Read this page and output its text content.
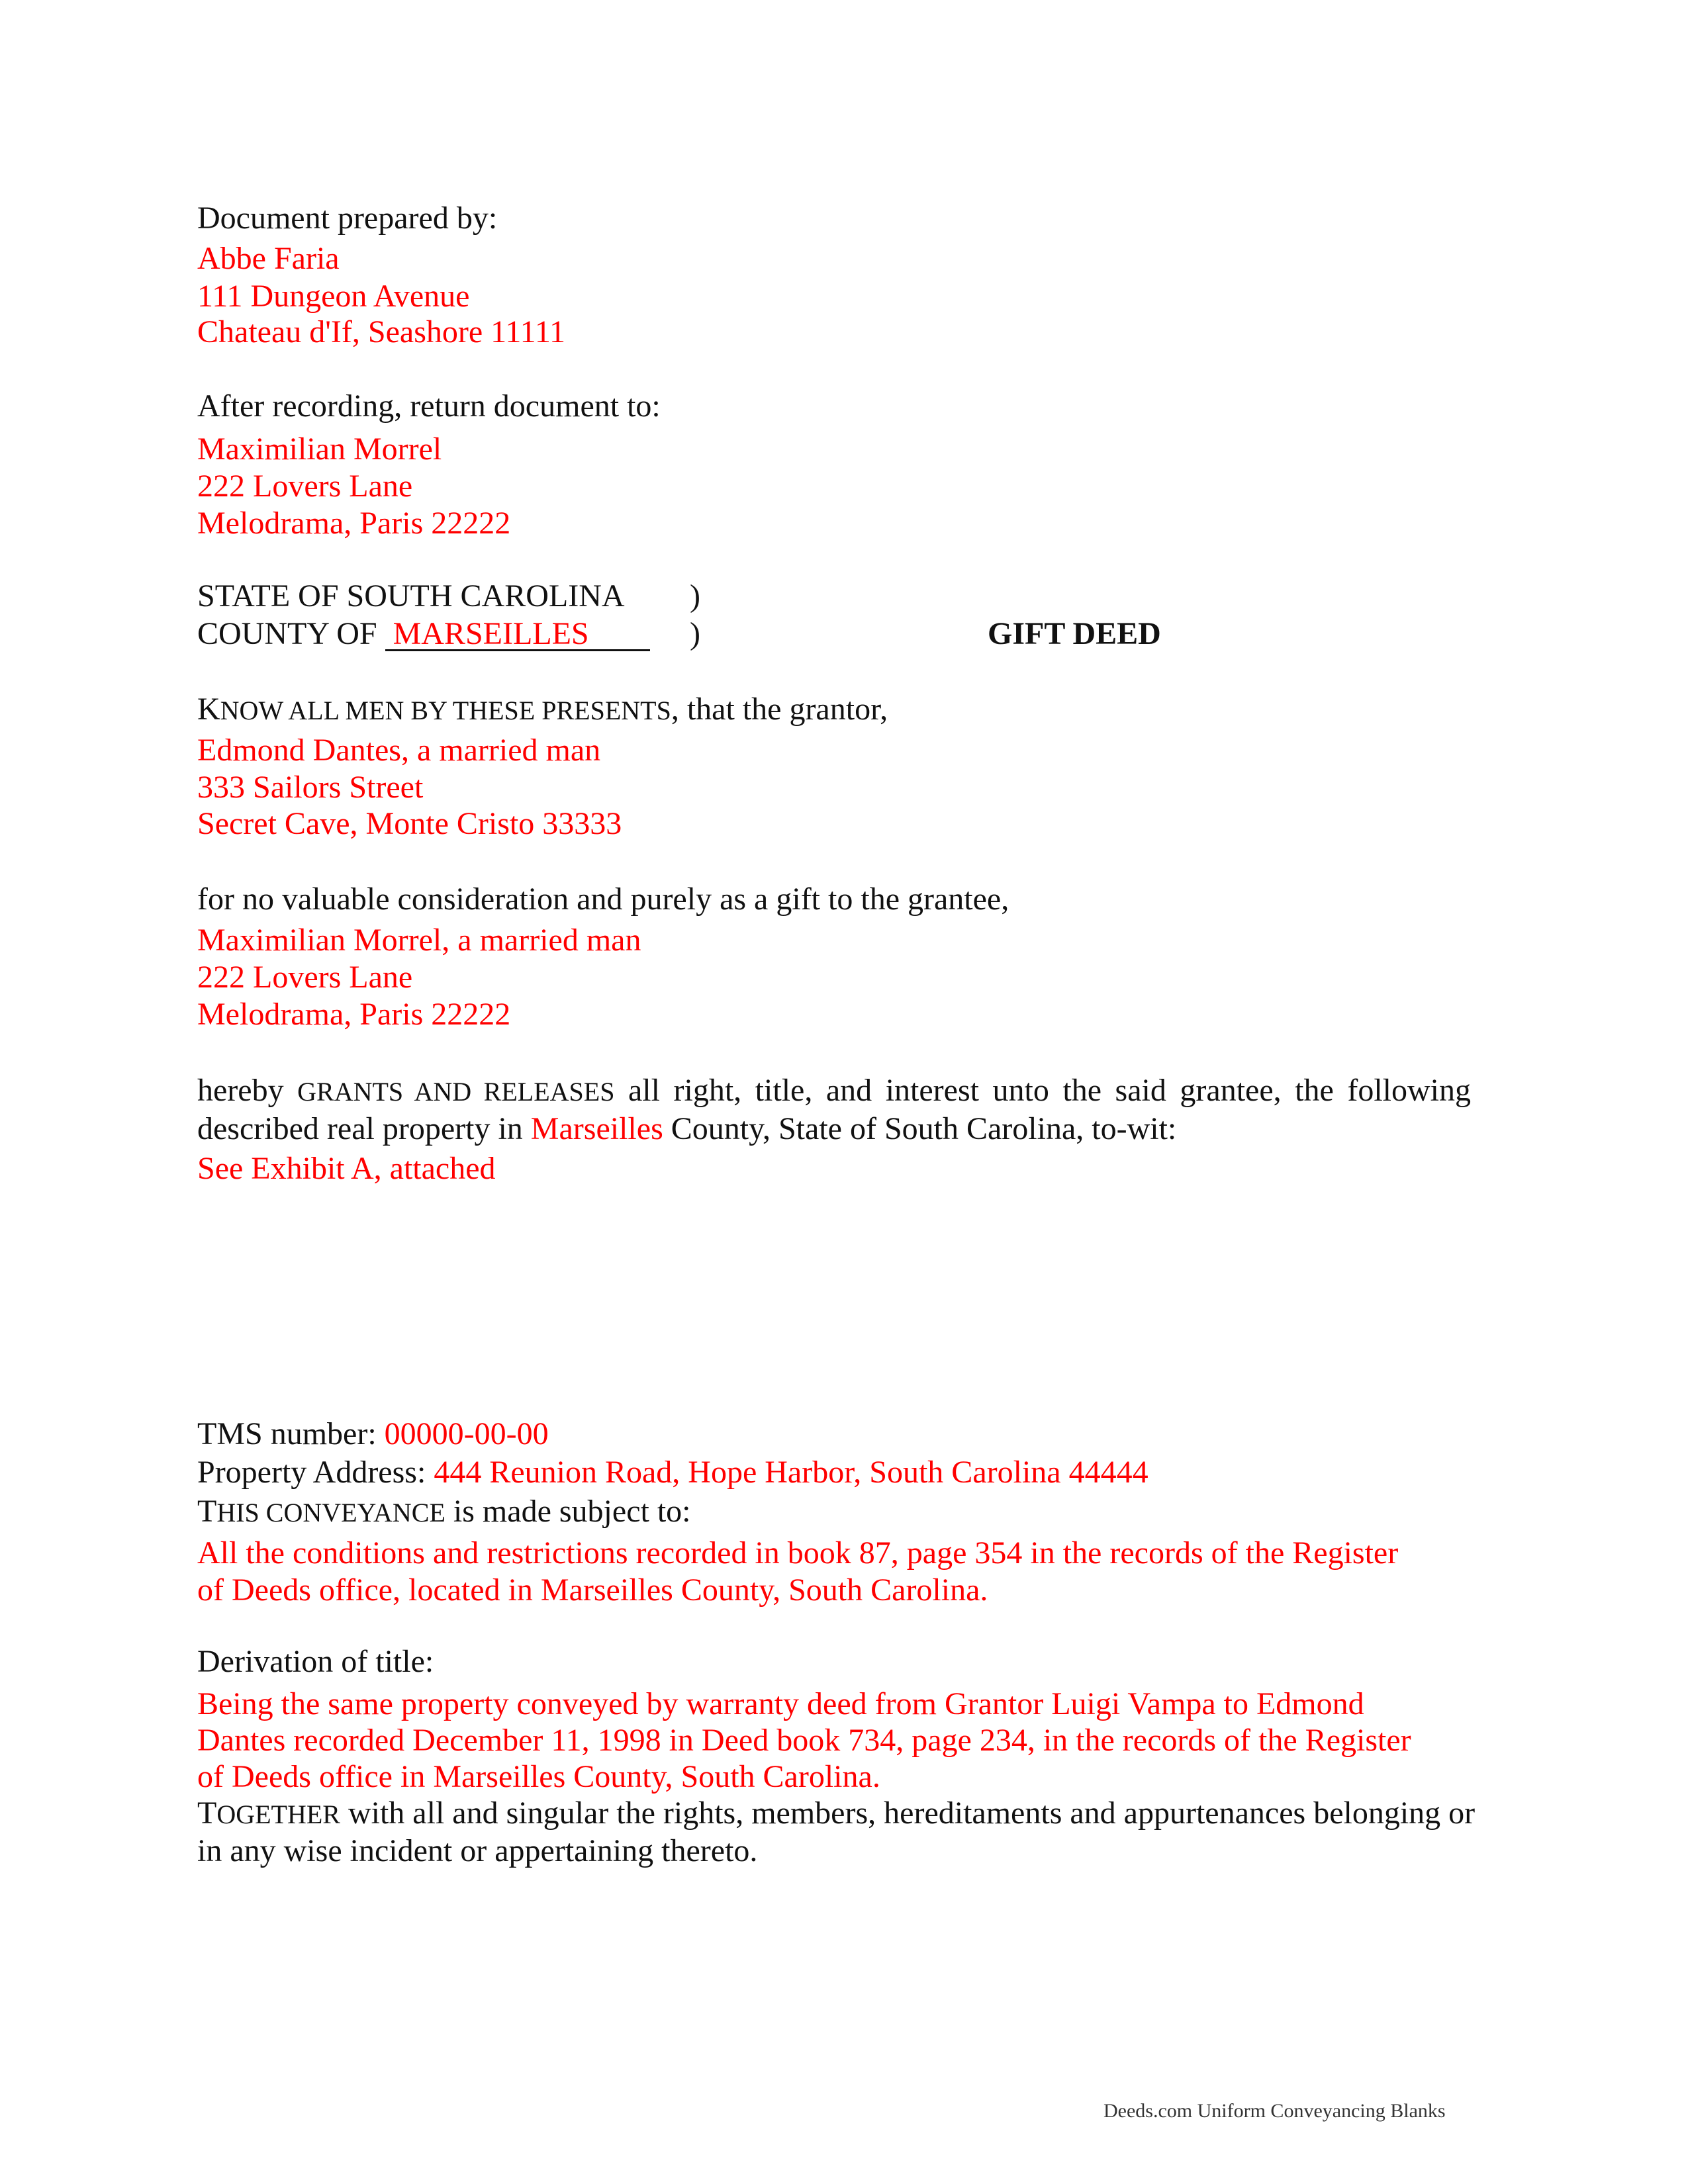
Document prepared by:
Abbe Faria
111 Dungeon Avenue
Chateau d'If, Seashore 11111
After recording, return document to:
Maximilian Morrel
222 Lovers Lane
Melodrama, Paris 22222
STATE OF SOUTH CAROLINA )
COUNTY OF MARSEILLES	)	GIFT DEED
KNOW ALL MEN BY THESE PRESENTS, that the grantor,
Edmond Dantes, a married man
333 Sailors Street
Secret Cave, Monte Cristo 33333
for no valuable consideration and purely as a gift to the grantee,
Maximilian Morrel, a married man
222 Lovers Lane
Melodrama, Paris 22222
hereby GRANTS AND RELEASES all right, title, and interest unto the said grantee, the following
described real property in Marseilles County, State of South Carolina, to-wit:
See Exhibit A, attached
TMS number: 00000-00-00
Property Address: 444 Reunion Road, Hope Harbor, South Carolina 44444
THIS CONVEYANCE is made subject to:
All the conditions and restrictions recorded in book 87, page 354 in the records of the Register
of Deeds office, located in Marseilles County, South Carolina.
Derivation of title:
Being the same property conveyed by warranty deed from Grantor Luigi Vampa to Edmond
Dantes recorded December 11, 1998 in Deed book 734, page 234, in the records of the Register
of Deeds office in Marseilles County, South Carolina.
TOGETHER with all and singular the rights, members, hereditaments and appurtenances belonging or
in any wise incident or appertaining thereto.
Deeds.com Uniform Conveyancing Blanks
